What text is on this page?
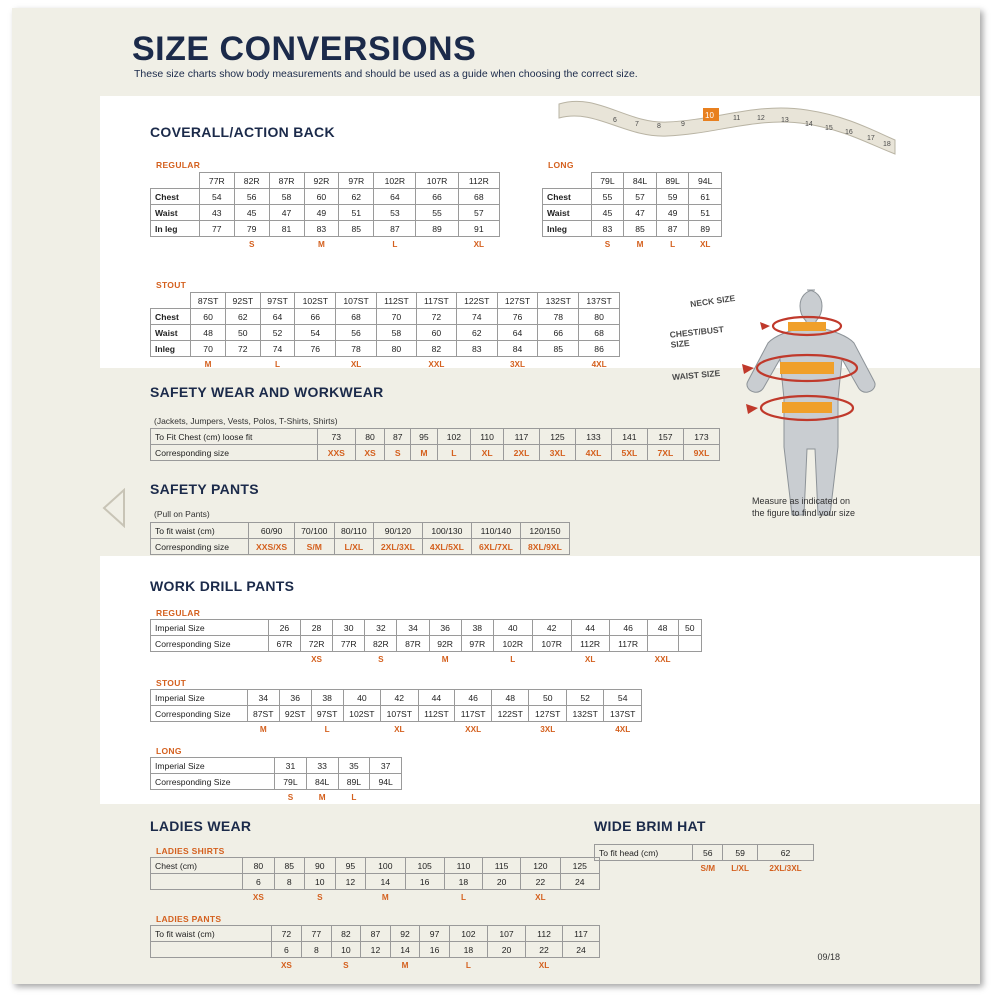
SIZE CONVERSIONS
These size charts show body measurements and should be used as a guide when choosing the correct size.
6
7	8	9
11 12 13
14
15
16
17
18
10
COVERALL/ACTION BACK
REGULAR
	77R	82R	87R	92R	97R	102R	107R	112R
Chest	54	56	58	60	62	64	66	68
Waist	43	45	47	49	51	53	55	57
In leg	77	79	81	83	85	87	89	91
		S		M		L		XL
LONG
	79L	84L	89L	94L
Chest	55	57	59	61
Waist	45	47	49	51
Inleg	83	85	87	89
	S	M	L	XL
STOUT
	87ST	92ST	97ST	102ST	107ST	112ST	117ST	122ST	127ST	132ST	137ST
Chest	60	62	64	66	68	70	72	74	76	78	80
Waist	48	50	52	54	56	58	60	62	64	66	68
Inleg	70	72	74	76	78	80	82	83	84	85	86
	M		L		XL		XXL		3XL		4XL
SAFETY WEAR AND WORKWEAR
(Jackets, Jumpers, Vests, Polos, T-Shirts, Shirts)
To Fit Chest (cm) loose fit	73	80	87	95	102	110	117	125	133	141	157	173
Corresponding size	XXS	XS	S	M	L	XL	2XL	3XL	4XL	5XL	7XL	9XL
SAFETY PANTS
(Pull on Pants)
To fit waist (cm)	60/90	70/100	80/110	90/120	100/130	110/140	120/150
Corresponding size	XXS/XS	S/M	L/XL	2XL/3XL	4XL/5XL	6XL/7XL	8XL/9XL
WORK DRILL PANTS
REGULAR
Imperial Size	26	28	30	32	34	36	38	40	42	44	46	48	50
Corresponding Size	67R	72R	77R	82R	87R	92R	97R	102R	107R	112R	117R		
		XS		S		M		L		XL		XXL	
STOUT
Imperial Size	34	36	38	40	42	44	46	48	50	52	54
Corresponding Size	87ST	92ST	97ST	102ST	107ST	112ST	117ST	122ST	127ST	132ST	137ST
	M		L		XL		XXL		3XL		4XL
LONG
Imperial Size	31	33	35	37
Corresponding Size	79L	84L	89L	94L
	S	M	L	
LADIES WEAR
LADIES SHIRTS
Chest (cm)	80	85	90	95	100	105	110	115	120	125
	6	8	10	12	14	16	18	20	22	24
	XS		S		M		L		XL	
LADIES PANTS
To fit waist (cm)	72	77	82	87	92	97	102	107	112	117
	6	8	10	12	14	16	18	20	22	24
	XS		S		M		L		XL	
WIDE BRIM HAT
To fit head (cm)	56	59	62
	S/M	L/XL	2XL/3XL
NECK SIZE
CHEST/BUST SIZE
WAIST SIZE
Measure as indicated on the figure to find your size
09/18
